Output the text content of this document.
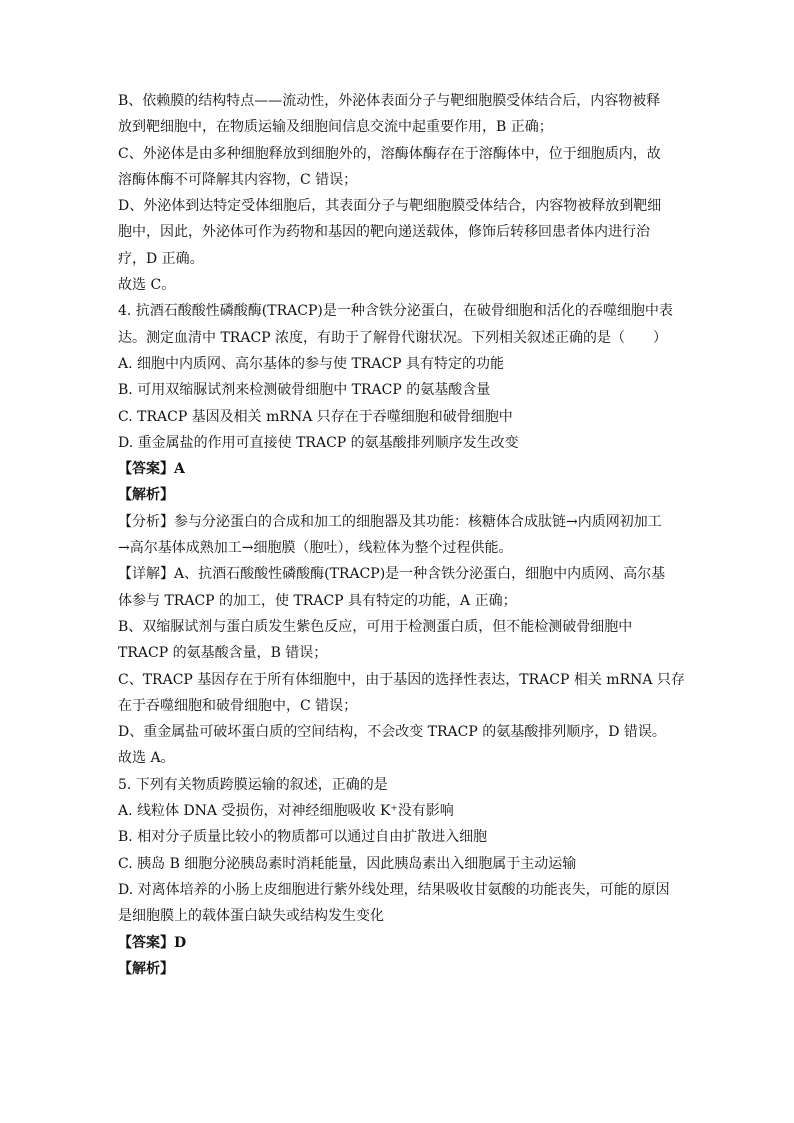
B、依赖膜的结构特点——流动性，外泌体表面分子与靶细胞膜受体结合后，内容物被释
放到靶细胞中，在物质运输及细胞间信息交流中起重要作用，B 正确；
C、外泌体是由多种细胞释放到细胞外的，溶酶体酶存在于溶酶体中，位于细胞质内，故
溶酶体酶不可降解其内容物，C 错误；
D、外泌体到达特定受体细胞后，其表面分子与靶细胞膜受体结合，内容物被释放到靶细
胞中，因此，外泌体可作为药物和基因的靶向递送载体，修饰后转移回患者体内进行治
疗，D 正确。
故选 C。
4. 抗酒石酸酸性磷酸酶(TRACP)是一种含铁分泌蛋白，在破骨细胞和活化的吞噬细胞中表
达。测定血清中 TRACP 浓度，有助于了解骨代谢状况。下列相关叙述正确的是（　　）
A. 细胞中内质网、高尔基体的参与使 TRACP 具有特定的功能
B. 可用双缩脲试剂来检测破骨细胞中 TRACP 的氨基酸含量
C. TRACP 基因及相关 mRNA 只存在于吞噬细胞和破骨细胞中
D. 重金属盐的作用可直接使 TRACP 的氨基酸排列顺序发生改变
【答案】A
【解析】
【分析】参与分泌蛋白的合成和加工的细胞器及其功能：核糖体合成肽链→内质网初加工
→高尔基体成熟加工→细胞膜（胞吐），线粒体为整个过程供能。
【详解】A、抗酒石酸酸性磷酸酶(TRACP)是一种含铁分泌蛋白，细胞中内质网、高尔基
体参与 TRACP 的加工，使 TRACP 具有特定的功能，A 正确；
B、双缩脲试剂与蛋白质发生紫色反应，可用于检测蛋白质，但不能检测破骨细胞中
TRACP 的氨基酸含量，B 错误；
C、TRACP 基因存在于所有体细胞中，由于基因的选择性表达，TRACP 相关 mRNA 只存
在于吞噬细胞和破骨细胞中，C 错误；
D、重金属盐可破坏蛋白质的空间结构，不会改变 TRACP 的氨基酸排列顺序，D 错误。
故选 A。
5. 下列有关物质跨膜运输的叙述，正确的是
A. 线粒体 DNA 受损伤，对神经细胞吸收 K⁺没有影响
B. 相对分子质量比较小的物质都可以通过自由扩散进入细胞
C. 胰岛 B 细胞分泌胰岛素时消耗能量，因此胰岛素出入细胞属于主动运输
D. 对离体培养的小肠上皮细胞进行紫外线处理，结果吸收甘氨酸的功能丧失，可能的原因
是细胞膜上的载体蛋白缺失或结构发生变化
【答案】D
【解析】
